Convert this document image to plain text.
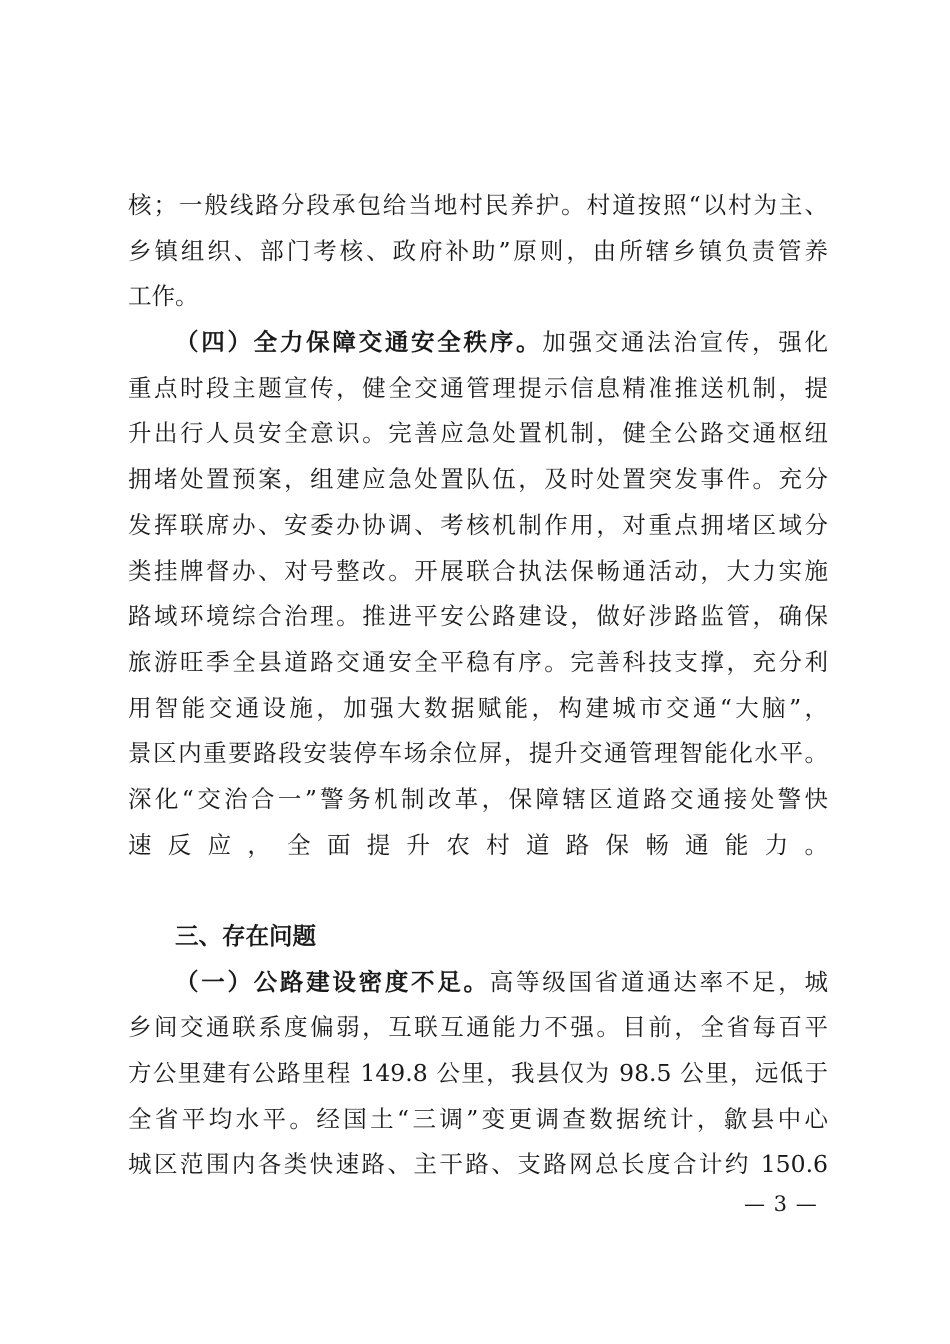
核；一般线路分段承包给当地村民养护。村道按照“以村为主、
乡镇组织、部门考核、政府补助”原则，由所辖乡镇负责管养
工作。
（四）全力保障交通安全秩序。加强交通法治宣传，强化
重点时段主题宣传，健全交通管理提示信息精准推送机制，提
升出行人员安全意识。完善应急处置机制，健全公路交通枢纽
拥堵处置预案，组建应急处置队伍，及时处置突发事件。充分
发挥联席办、安委办协调、考核机制作用，对重点拥堵区域分
类挂牌督办、对号整改。开展联合执法保畅通活动，大力实施
路域环境综合治理。推进平安公路建设，做好涉路监管，确保
旅游旺季全县道路交通安全平稳有序。完善科技支撑，充分利
用智能交通设施，加强大数据赋能，构建城市交通“大脑”，
景区内重要路段安装停车场余位屏，提升交通管理智能化水平。
深化“交治合一”警务机制改革，保障辖区道路交通接处警快
速反应，全面提升农村道路保畅通能力。
三、存在问题
（一）公路建设密度不足。高等级国省道通达率不足，城
乡间交通联系度偏弱，互联互通能力不强。目前，全省每百平
方公里建有公路里程 149.8 公里，我县仅为 98.5 公里，远低于
全省平均水平。经国土“三调”变更调查数据统计，歙县中心
城区范围内各类快速路、主干路、支路网总长度合计约 150.6
— 3 —
